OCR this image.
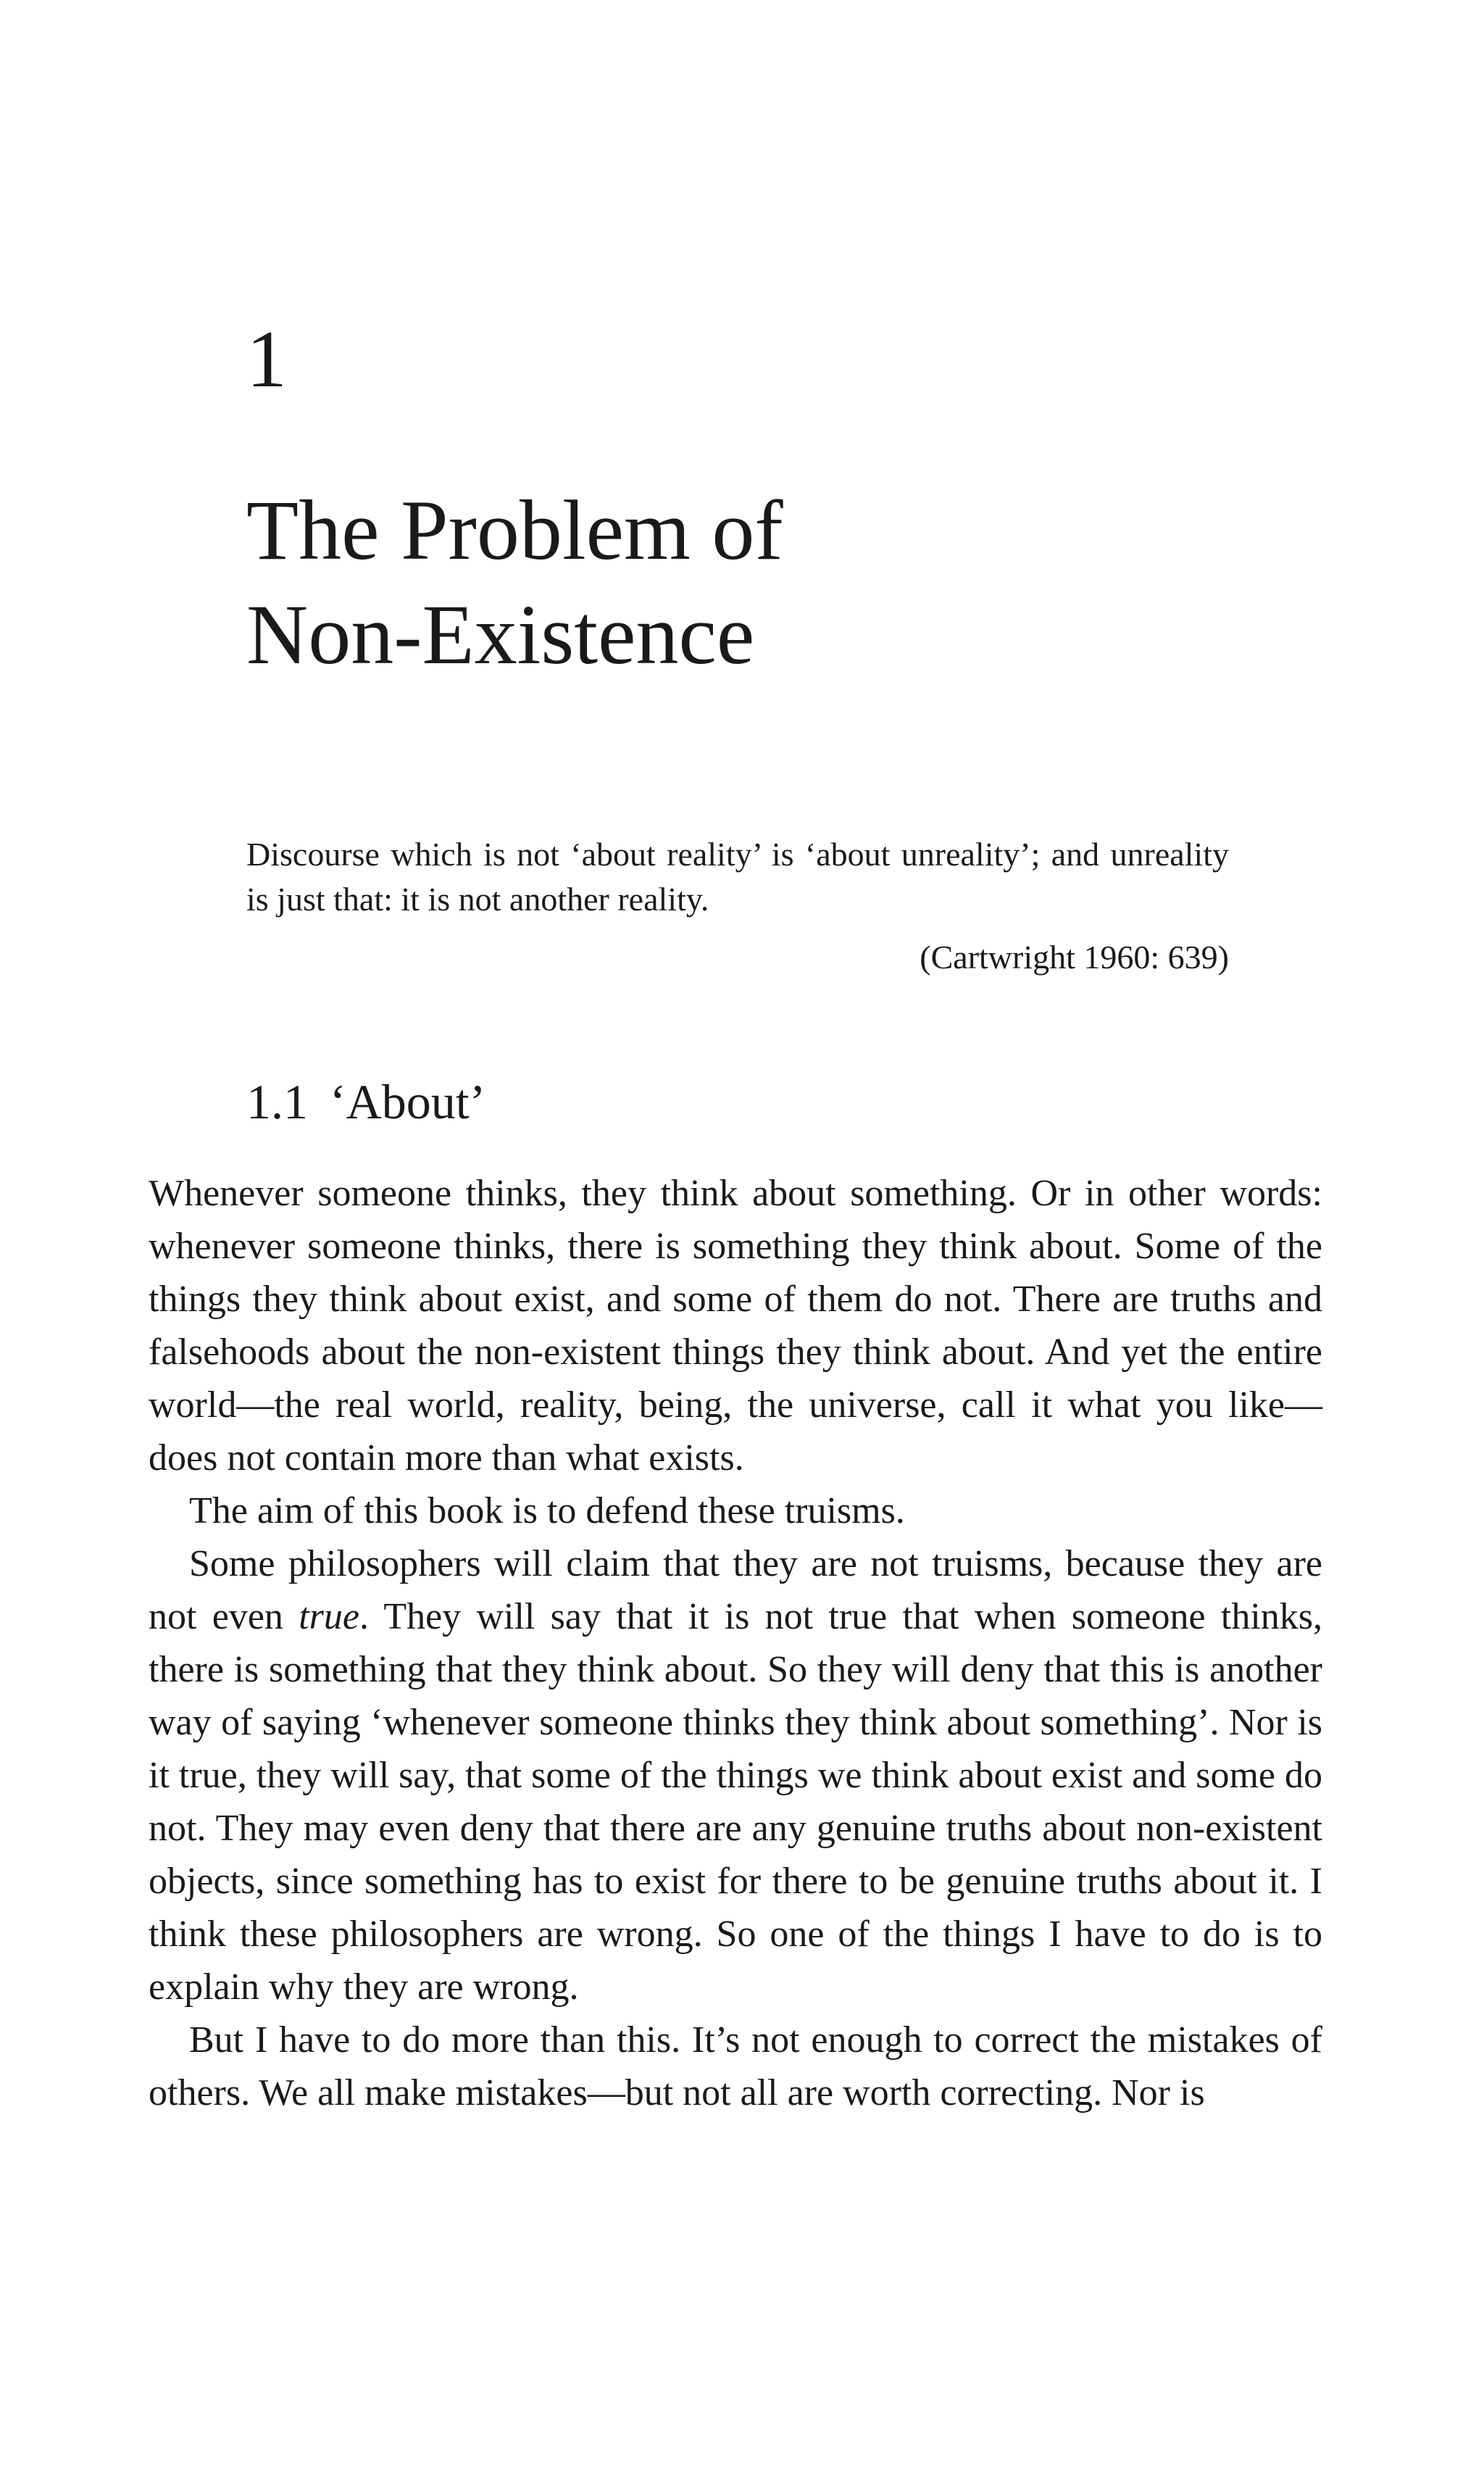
1
The Problem of
Non-Existence

Discourse which is not ‘about reality’ is ‘about unreality’; and unreality is just that: it is not another reality.

(Cartwright 1960: 639)

1.1 ‘About’

Whenever someone thinks, they think about something. Or in other words: whenever someone thinks, there is something they think about. Some of the things they think about exist, and some of them do not. There are truths and falsehoods about the non-existent things they think about. And yet the entire world—the real world, reality, being, the universe, call it what you like—does not contain more than what exists.

The aim of this book is to defend these truisms.

Some philosophers will claim that they are not truisms, because they are not even true. They will say that it is not true that when someone thinks, there is something that they think about. So they will deny that this is another way of saying ‘whenever someone thinks they think about something’. Nor is it true, they will say, that some of the things we think about exist and some do not. They may even deny that there are any genuine truths about non-existent objects, since something has to exist for there to be genuine truths about it. I think these philosophers are wrong. So one of the things I have to do is to explain why they are wrong.

But I have to do more than this. It’s not enough to correct the mistakes of others. We all make mistakes—but not all are worth correcting. Nor is
